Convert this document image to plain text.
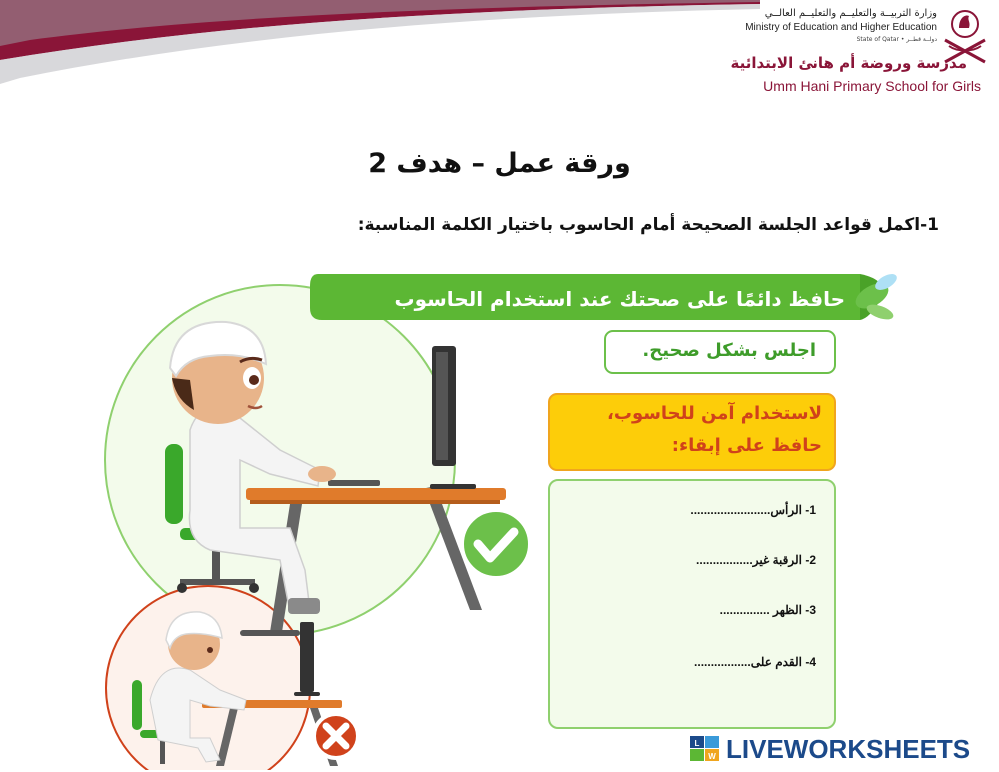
وزارة التربيــة والتعليــم والتعليــم العالــي
Ministry of Education and Higher Education
State of Qatar • دولــة قطــر
مدرسة وروضة أم هانئ الابتدائية
Umm Hani Primary School for Girls
ورقة عمل – هدف 2
1-اكمل قواعد الجلسة الصحيحة أمام الحاسوب باختيار الكلمة المناسبة:
حافظ دائمًا على صحتك عند استخدام الحاسوب
اجلس بشكل صحيح.
لاستخدام آمن للحاسوب،
حافظ على إبقاء:
1- الرأس........................
2- الرقبة غير.................
3- الظهر ...............
4- القدم على.................
L
W LIVEWORKSHEETS
